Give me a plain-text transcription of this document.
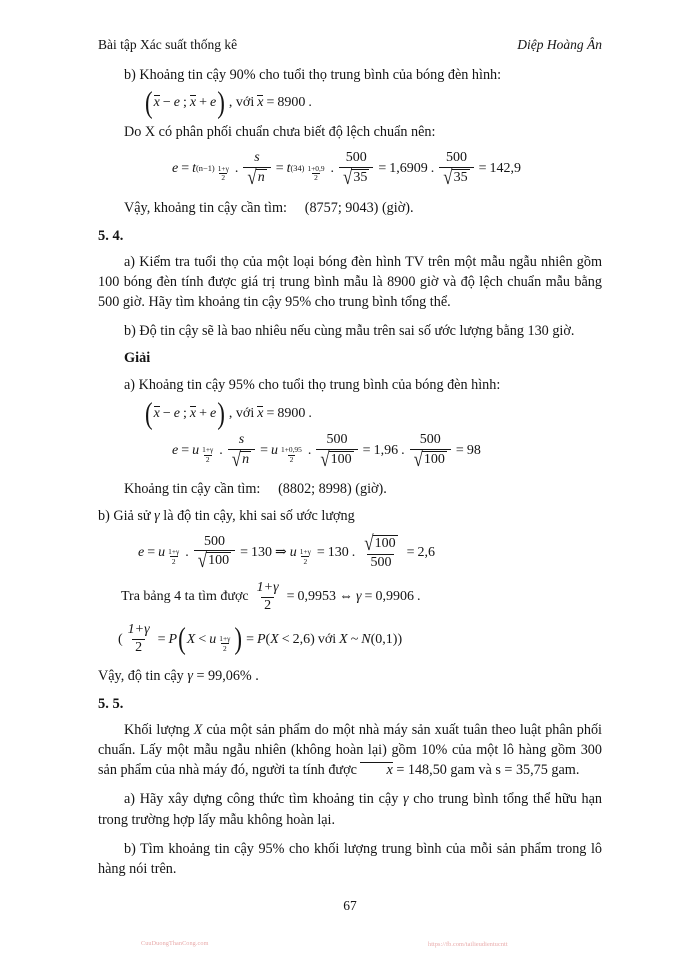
Bài tập Xác suất thống kê	Diệp Hoàng Ân

b) Khoảng tin cậy 90% cho tuổi thọ trung bình của bóng đèn hình:

( x − e ; x + e ) , với x = 8900 .

Do X có phân phối chuẩn chưa biết độ lệch chuẩn nên:

e = t $(n-1) \frac{1+\gamma}{2}$ . $\frac{s}{√ n} = t$ $(34) \frac{1+0,9}{2}$ . $\frac{500}{√ 35} = 1,6909$ . $\frac{500}{√ 35} = 142,9$

Vậy, khoảng tin cậy cần tìm: (8757; 9043) (giờ).

5. 4.

a) Kiểm tra tuổi thọ của một loại bóng đèn hình TV trên một mẫu ngẫu nhiên gồm 100 bóng đèn tính được giá trị trung bình mẫu là 8900 giờ và độ lệch chuẩn mẫu bằng 500 giờ. Hãy tìm khoảng tin cậy 95% cho trung bình tổng thể.

b) Độ tin cậy sẽ là bao nhiêu nếu cùng mẫu trên sai số ước lượng bằng 130 giờ.

Giải

a) Khoảng tin cậy 95% cho tuổi thọ trung bình của bóng đèn hình:

( x − e ; x + e ) , với x = 8900 .
e = u $\frac{1+\gamma}{2}$ . $\frac{s}{√ n} = u \frac{1+0,95}{2}$ . $\frac{500}{√ 100} = 1,96$ . $\frac{500}{√ 100} = 98$

Khoảng tin cậy cần tìm: (8802; 8998) (giờ).

b) Giả sử γ là độ tin cậy, khi sai số ước lượng

e = u $\frac{1+\gamma}{2}$ . $\frac{500}{√ 100} = 130$ ⇒ u $\frac{1+\gamma}{2} = 130$ . $\frac{√ 100}{500} = 2,6$
Tra bảng 4 ta tìm được $\frac{1+\gamma}{2} = 0,9953$ ⇔ γ = 0,9906 .
( $\frac{1+\gamma}{2} = P$ ( X < u $\frac{1+\gamma}{2}$ ) = P ( X < 2,6 ) với X ~ N ( 0,1 ) )

Vậy, độ tin cậy γ = 99,06% .

5. 5.

Khối lượng X của một sản phẩm do một nhà máy sản xuất tuân theo luật phân phối chuẩn. Lấy một mẫu ngẫu nhiên (không hoàn lại) gồm 10% của một lô hàng gồm 300 sản phẩm của nhà máy đó, người ta tính được x = 148,50 gam và s = 35,75 gam.

a) Hãy xây dựng công thức tìm khoảng tin cậy γ cho trung bình tổng thể hữu hạn trong trường hợp lấy mẫu không hoàn lại.

b) Tìm khoảng tin cậy 95% cho khối lượng trung bình của mỗi sản phẩm trong lô hàng nói trên.

67
CuuDuongThanCong.com	https://fb.com/tailieudientucntt
